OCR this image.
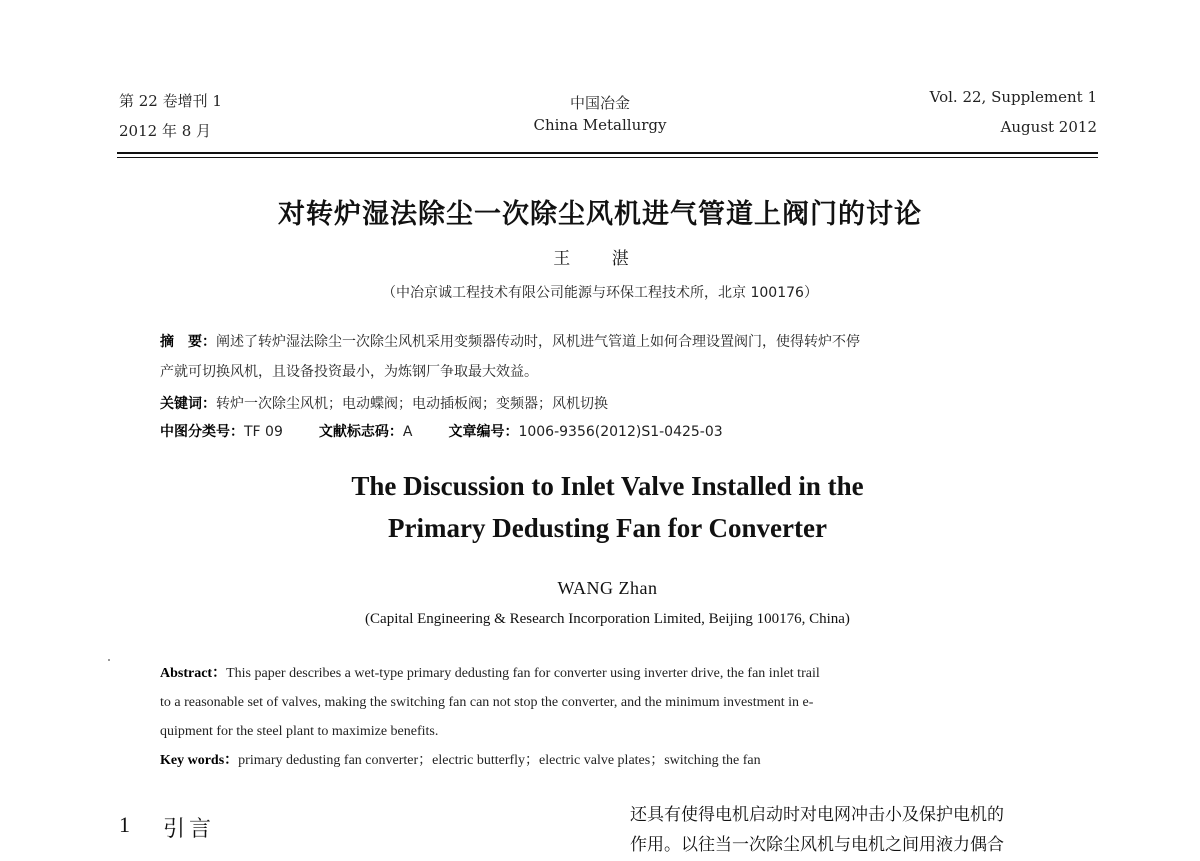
第 22 卷增刊 1
2012 年 8 月
中国冶金
China Metallurgy
Vol. 22, Supplement 1
August 2012
对转炉湿法除尘一次除尘风机进气管道上阀门的讨论
王 湛
（中冶京诚工程技术有限公司能源与环保工程技术所，北京 100176）
摘　要：阐述了转炉湿法除尘一次除尘风机采用变频器传动时，风机进气管道上如何合理设置阀门，使得转炉不停
产就可切换风机，且设备投资最小，为炼钢厂争取最大效益。
关键词：转炉一次除尘风机；电动蝶阀；电动插板阀；变频器；风机切换
中图分类号：TF 09	文献标志码：A	文章编号：1006-9356(2012)S1-0425-03
The Discussion to Inlet Valve Installed in the
Primary Dedusting Fan for Converter
WANG Zhan
(Capital Engineering & Research Incorporation Limited, Beijing 100176, China)
Abstract：This paper describes a wet-type primary dedusting fan for converter using inverter drive, the fan inlet trail
to a reasonable set of valves, making the switching fan can not stop the converter, and the minimum investment in e-
quipment for the steel plant to maximize benefits.
Key words：primary dedusting fan converter；electric butterfly；electric valve plates；switching the fan
1 引言
还具有使得电机启动时对电网冲击小及保护电机的
作用。以往当一次除尘风机与电机之间用液力偶合
